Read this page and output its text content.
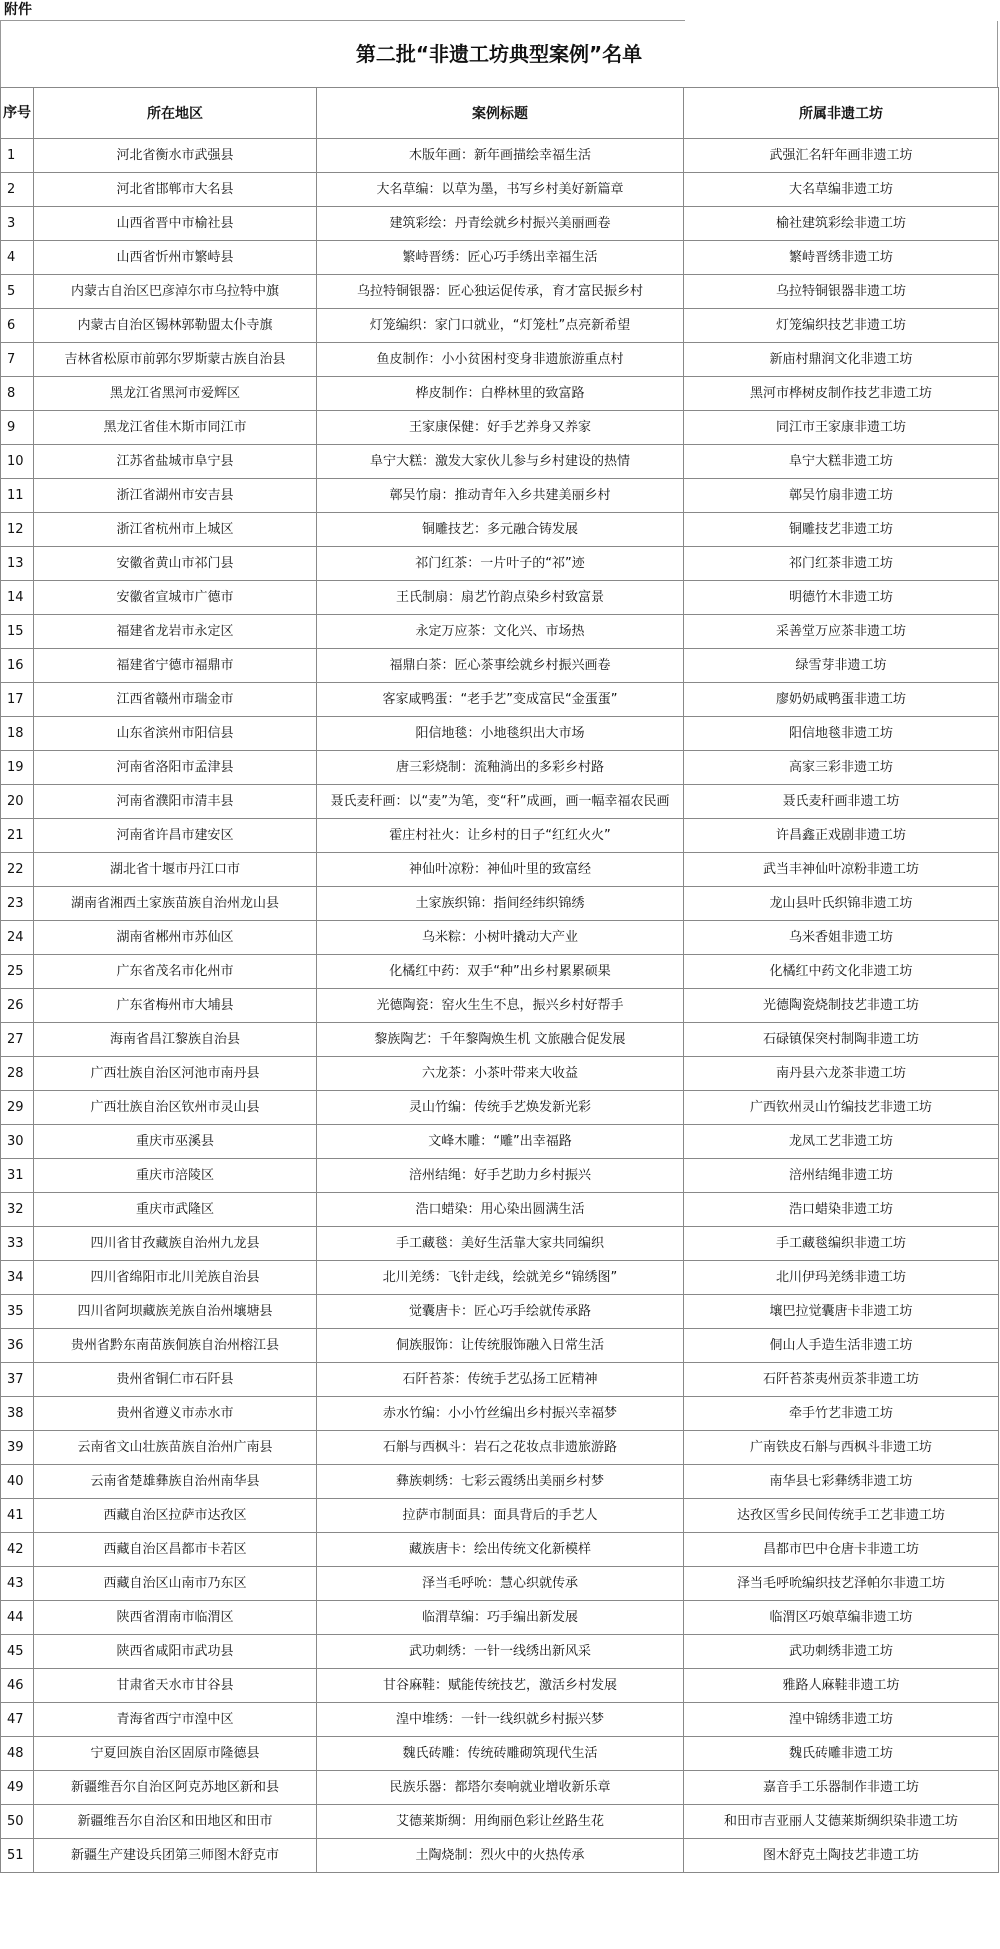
附件
第二批“非遗工坊典型案例”名单
序号	所在地区	案例标题	所属非遗工坊
1	河北省衡水市武强县	木版年画：新年画描绘幸福生活	武强汇名轩年画非遗工坊
2	河北省邯郸市大名县	大名草编：以草为墨，书写乡村美好新篇章	大名草编非遗工坊
3	山西省晋中市榆社县	建筑彩绘：丹青绘就乡村振兴美丽画卷	榆社建筑彩绘非遗工坊
4	山西省忻州市繁峙县	繁峙晋绣：匠心巧手绣出幸福生活	繁峙晋绣非遗工坊
5	内蒙古自治区巴彦淖尔市乌拉特中旗	乌拉特铜银器：匠心独运促传承，育才富民振乡村	乌拉特铜银器非遗工坊
6	内蒙古自治区锡林郭勒盟太仆寺旗	灯笼编织：家门口就业，“灯笼杜”点亮新希望	灯笼编织技艺非遗工坊
7	吉林省松原市前郭尔罗斯蒙古族自治县	鱼皮制作：小小贫困村变身非遗旅游重点村	新庙村鼎润文化非遗工坊
8	黑龙江省黑河市爱辉区	桦皮制作：白桦林里的致富路	黑河市桦树皮制作技艺非遗工坊
9	黑龙江省佳木斯市同江市	王家康保健：好手艺养身又养家	同江市王家康非遗工坊
10	江苏省盐城市阜宁县	阜宁大糕：激发大家伙儿参与乡村建设的热情	阜宁大糕非遗工坊
11	浙江省湖州市安吉县	鄣吴竹扇：推动青年入乡共建美丽乡村	鄣吴竹扇非遗工坊
12	浙江省杭州市上城区	铜雕技艺：多元融合铸发展	铜雕技艺非遗工坊
13	安徽省黄山市祁门县	祁门红茶：一片叶子的“祁”迹	祁门红茶非遗工坊
14	安徽省宣城市广德市	王氏制扇：扇艺竹韵点染乡村致富景	明德竹木非遗工坊
15	福建省龙岩市永定区	永定万应茶：文化兴、市场热	采善堂万应茶非遗工坊
16	福建省宁德市福鼎市	福鼎白茶：匠心茶事绘就乡村振兴画卷	绿雪芽非遗工坊
17	江西省赣州市瑞金市	客家咸鸭蛋：“老手艺”变成富民“金蛋蛋”	廖奶奶咸鸭蛋非遗工坊
18	山东省滨州市阳信县	阳信地毯：小地毯织出大市场	阳信地毯非遗工坊
19	河南省洛阳市孟津县	唐三彩烧制：流釉淌出的多彩乡村路	高家三彩非遗工坊
20	河南省濮阳市清丰县	聂氏麦秆画：以“麦”为笔，变“秆”成画，画一幅幸福农民画	聂氏麦秆画非遗工坊
21	河南省许昌市建安区	霍庄村社火：让乡村的日子“红红火火”	许昌鑫正戏剧非遗工坊
22	湖北省十堰市丹江口市	神仙叶凉粉：神仙叶里的致富经	武当丰神仙叶凉粉非遗工坊
23	湖南省湘西土家族苗族自治州龙山县	土家族织锦：指间经纬织锦绣	龙山县叶氏织锦非遗工坊
24	湖南省郴州市苏仙区	乌米粽：小树叶撬动大产业	乌米香姐非遗工坊
25	广东省茂名市化州市	化橘红中药：双手“种”出乡村累累硕果	化橘红中药文化非遗工坊
26	广东省梅州市大埔县	光德陶瓷：窑火生生不息，振兴乡村好帮手	光德陶瓷烧制技艺非遗工坊
27	海南省昌江黎族自治县	黎族陶艺：千年黎陶焕生机 文旅融合促发展	石碌镇保突村制陶非遗工坊
28	广西壮族自治区河池市南丹县	六龙茶：小茶叶带来大收益	南丹县六龙茶非遗工坊
29	广西壮族自治区钦州市灵山县	灵山竹编：传统手艺焕发新光彩	广西钦州灵山竹编技艺非遗工坊
30	重庆市巫溪县	文峰木雕：“雕”出幸福路	龙凤工艺非遗工坊
31	重庆市涪陵区	涪州结绳：好手艺助力乡村振兴	涪州结绳非遗工坊
32	重庆市武隆区	浩口蜡染：用心染出圆满生活	浩口蜡染非遗工坊
33	四川省甘孜藏族自治州九龙县	手工藏毯：美好生活靠大家共同编织	手工藏毯编织非遗工坊
34	四川省绵阳市北川羌族自治县	北川羌绣：飞针走线，绘就羌乡“锦绣图”	北川伊玛羌绣非遗工坊
35	四川省阿坝藏族羌族自治州壤塘县	觉囊唐卡：匠心巧手绘就传承路	壤巴拉觉囊唐卡非遗工坊
36	贵州省黔东南苗族侗族自治州榕江县	侗族服饰：让传统服饰融入日常生活	侗山人手造生活非遗工坊
37	贵州省铜仁市石阡县	石阡苔茶：传统手艺弘扬工匠精神	石阡苔茶夷州贡茶非遗工坊
38	贵州省遵义市赤水市	赤水竹编：小小竹丝编出乡村振兴幸福梦	牵手竹艺非遗工坊
39	云南省文山壮族苗族自治州广南县	石斛与西枫斗：岩石之花妆点非遗旅游路	广南铁皮石斛与西枫斗非遗工坊
40	云南省楚雄彝族自治州南华县	彝族刺绣：七彩云霞绣出美丽乡村梦	南华县七彩彝绣非遗工坊
41	西藏自治区拉萨市达孜区	拉萨市制面具：面具背后的手艺人	达孜区雪乡民间传统手工艺非遗工坊
42	西藏自治区昌都市卡若区	藏族唐卡：绘出传统文化新模样	昌都市巴中仓唐卡非遗工坊
43	西藏自治区山南市乃东区	泽当毛呼吮：慧心织就传承	泽当毛呼吮编织技艺泽帕尔非遗工坊
44	陕西省渭南市临渭区	临渭草编：巧手编出新发展	临渭区巧娘草编非遗工坊
45	陕西省咸阳市武功县	武功刺绣：一针一线绣出新风采	武功刺绣非遗工坊
46	甘肃省天水市甘谷县	甘谷麻鞋：赋能传统技艺，激活乡村发展	雅路人麻鞋非遗工坊
47	青海省西宁市湟中区	湟中堆绣：一针一线织就乡村振兴梦	湟中锦绣非遗工坊
48	宁夏回族自治区固原市隆德县	魏氏砖雕：传统砖雕砌筑现代生活	魏氏砖雕非遗工坊
49	新疆维吾尔自治区阿克苏地区新和县	民族乐器：都塔尔奏响就业增收新乐章	嘉音手工乐器制作非遗工坊
50	新疆维吾尔自治区和田地区和田市	艾德莱斯绸：用绚丽色彩让丝路生花	和田市吉亚丽人艾德莱斯绸织染非遗工坊
51	新疆生产建设兵团第三师图木舒克市	土陶烧制：烈火中的火热传承	图木舒克土陶技艺非遗工坊
